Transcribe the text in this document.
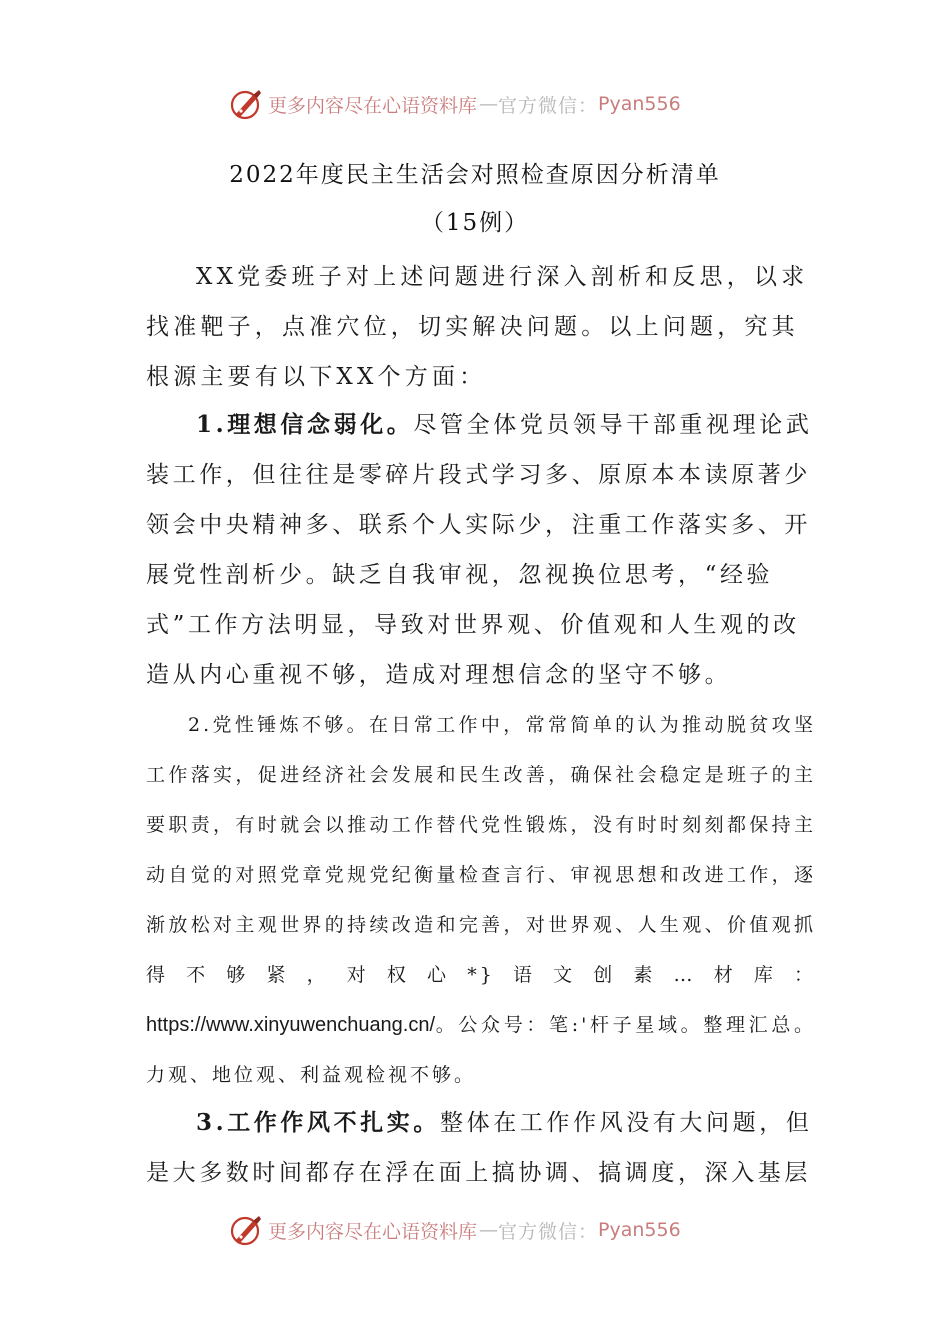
更多内容尽在心语资料库 — 官方微信： Pyan556
2022年度民主生活会对照检查原因分析清单
（15例）

XX党委班子对上述问题进行深入剖析和反思，以求找准靶子，点准穴位，切实解决问题。以上问题，究其根源主要有以下XX个方面：

1.理想信念弱化。尽管全体党员领导干部重视理论武装工作，但往往是零碎片段式学习多、原原本本读原著少领会中央精神多、联系个人实际少，注重工作落实多、开展党性剖析少。缺乏自我审视，忽视换位思考，“经验式”工作方法明显，导致对世界观、价值观和人生观的改造从内心重视不够，造成对理想信念的坚守不够。

2.党性锤炼不够。在日常工作中，常常简单的认为推动脱贫攻坚工作落实，促进经济社会发展和民生改善，确保社会稳定是班子的主要职责，有时就会以推动工作替代党性锻炼，没有时时刻刻都保持主动自觉的对照党章党规党纪衡量检查言行、审视思想和改进工作，逐渐放松对主观世界的持续改造和完善，对世界观、人生观、价值观抓得不够紧，对权心*}语文创素…材库： https://www.xinyuwenchuang.cn/。公众号：笔:'杆子星域。整理汇总。力观、地位观、利益观检视不够。

3.工作作风不扎实。整体在工作作风没有大问题，但是大多数时间都存在浮在面上搞协调、搞调度，深入基层

更多内容尽在心语资料库 — 官方微信： Pyan556
